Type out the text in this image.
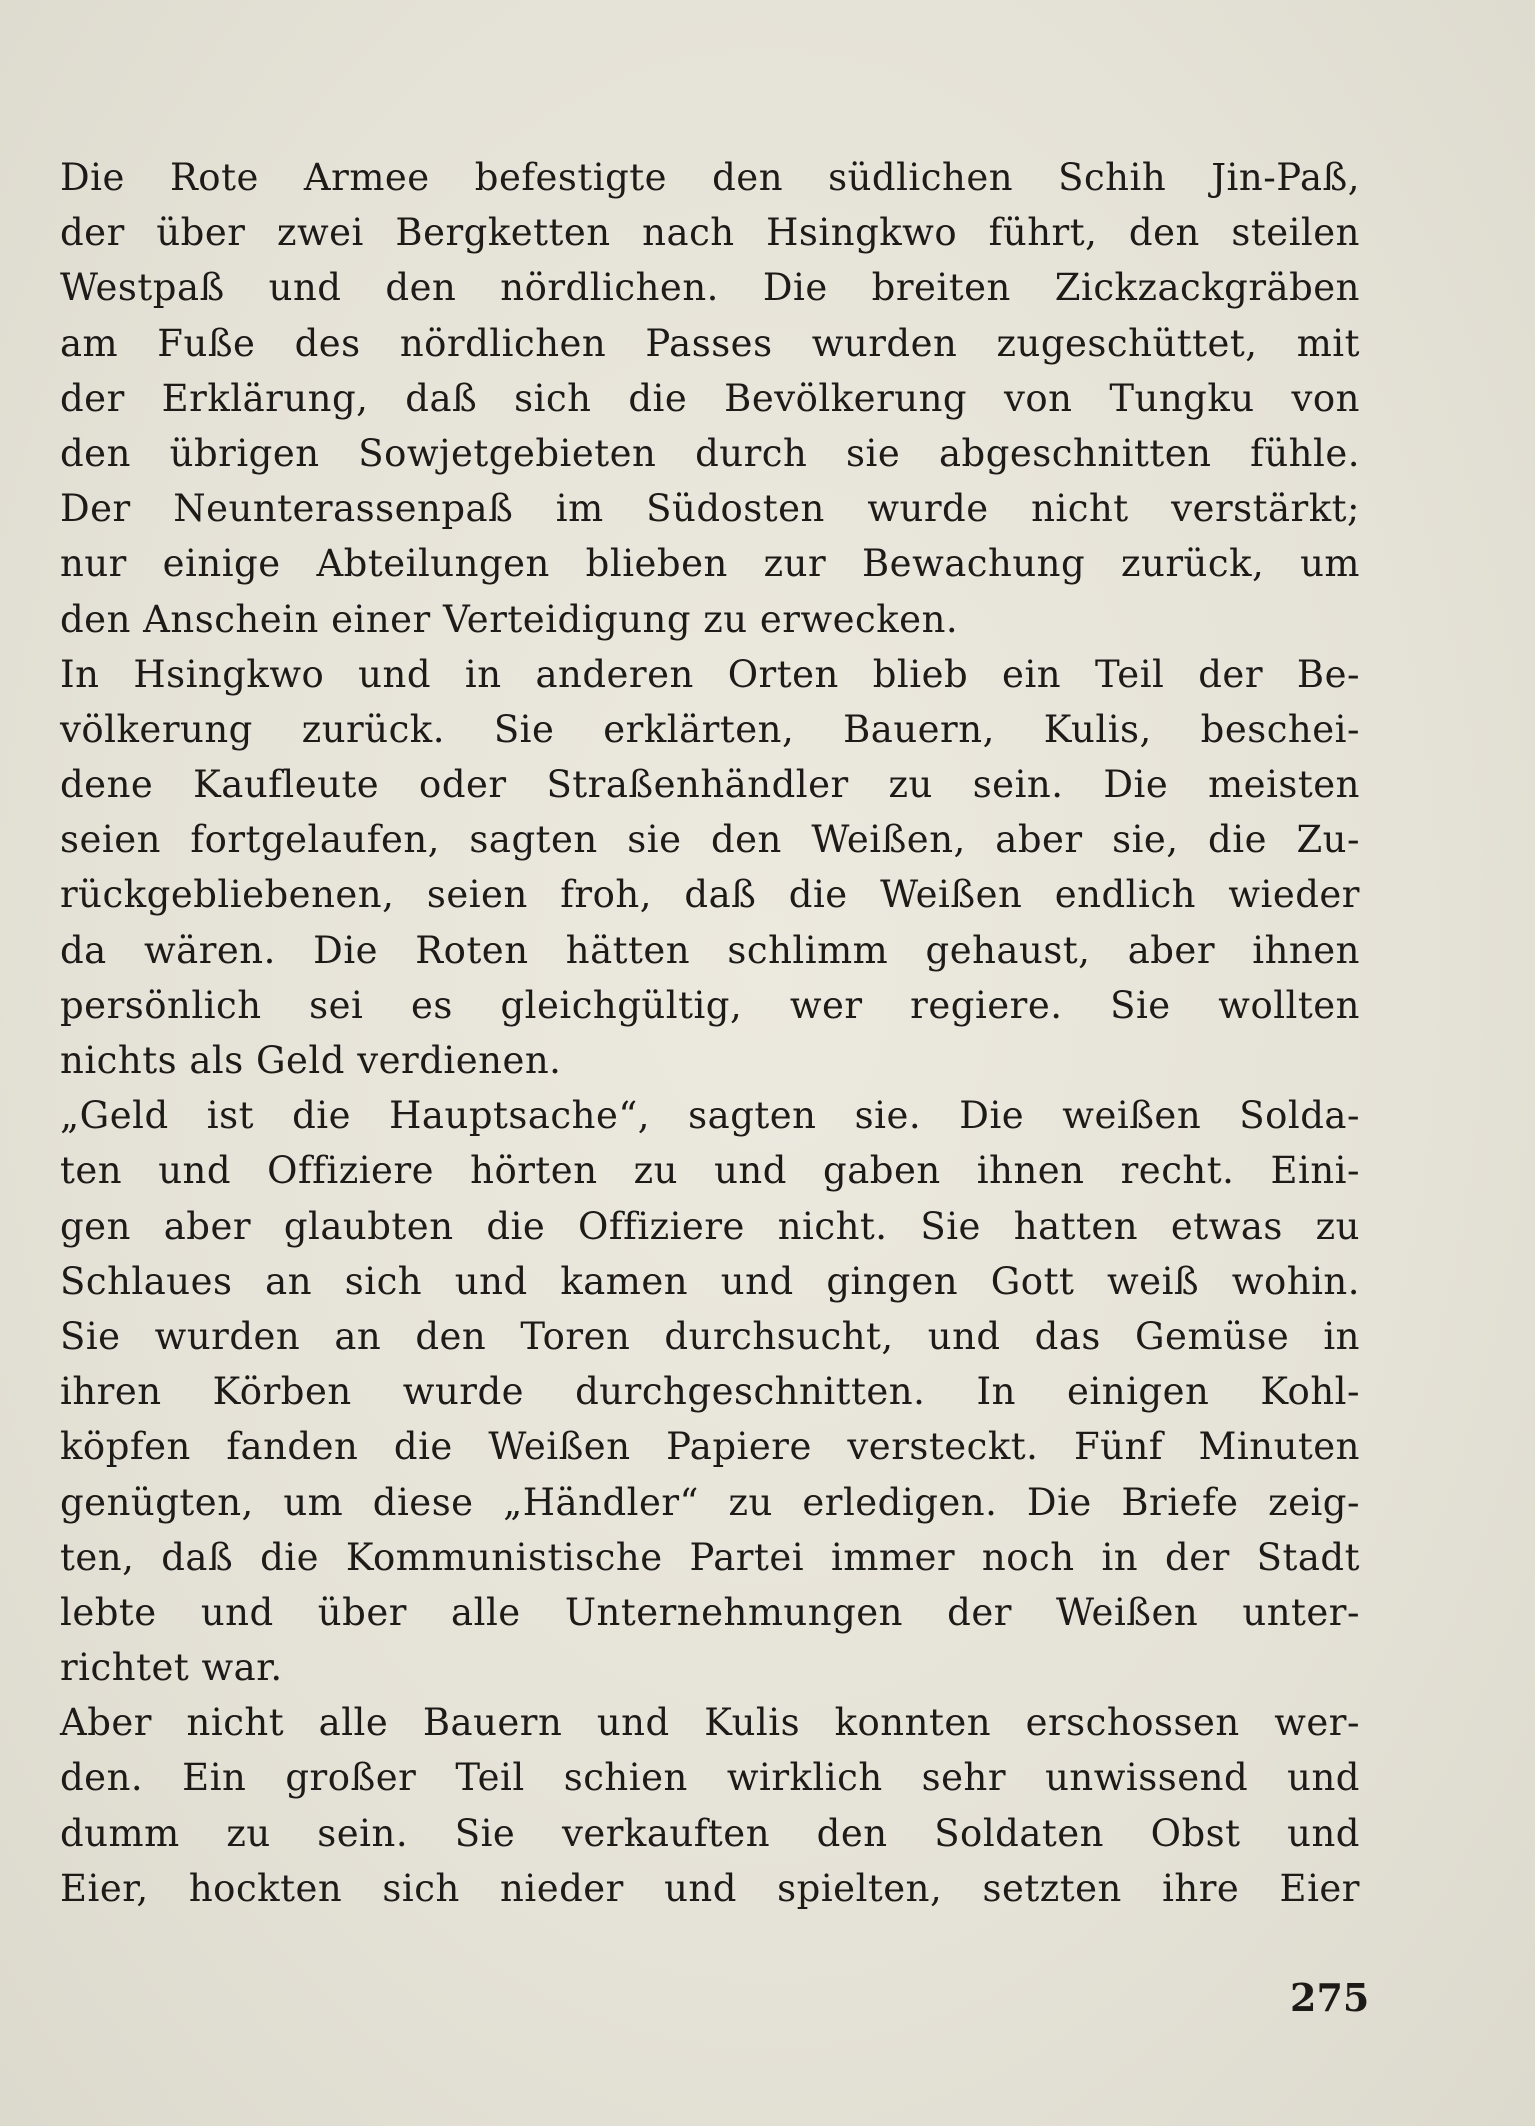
Die Rote Armee befestigte den südlichen Schih Jin-Paß,
der über zwei Bergketten nach Hsingkwo führt, den steilen
Westpaß und den nördlichen. Die breiten Zickzackgräben
am Fuße des nördlichen Passes wurden zugeschüttet, mit
der Erklärung, daß sich die Bevölkerung von Tungku von
den übrigen Sowjetgebieten durch sie abgeschnitten fühle.
Der Neunterassenpaß im Südosten wurde nicht verstärkt;
nur einige Abteilungen blieben zur Bewachung zurück, um
den Anschein einer Verteidigung zu erwecken.
In Hsingkwo und in anderen Orten blieb ein Teil der Be-
völkerung zurück. Sie erklärten, Bauern, Kulis, beschei-
dene Kaufleute oder Straßenhändler zu sein. Die meisten
seien fortgelaufen, sagten sie den Weißen, aber sie, die Zu-
rückgebliebenen, seien froh, daß die Weißen endlich wieder
da wären. Die Roten hätten schlimm gehaust, aber ihnen
persönlich sei es gleichgültig, wer regiere. Sie wollten
nichts als Geld verdienen.
„Geld ist die Hauptsache“, sagten sie. Die weißen Solda-
ten und Offiziere hörten zu und gaben ihnen recht. Eini-
gen aber glaubten die Offiziere nicht. Sie hatten etwas zu
Schlaues an sich und kamen und gingen Gott weiß wohin.
Sie wurden an den Toren durchsucht, und das Gemüse in
ihren Körben wurde durchgeschnitten. In einigen Kohl-
köpfen fanden die Weißen Papiere versteckt. Fünf Minuten
genügten, um diese „Händler“ zu erledigen. Die Briefe zeig-
ten, daß die Kommunistische Partei immer noch in der Stadt
lebte und über alle Unternehmungen der Weißen unter-
richtet war.
Aber nicht alle Bauern und Kulis konnten erschossen wer-
den. Ein großer Teil schien wirklich sehr unwissend und
dumm zu sein. Sie verkauften den Soldaten Obst und
Eier, hockten sich nieder und spielten, setzten ihre Eier
275
